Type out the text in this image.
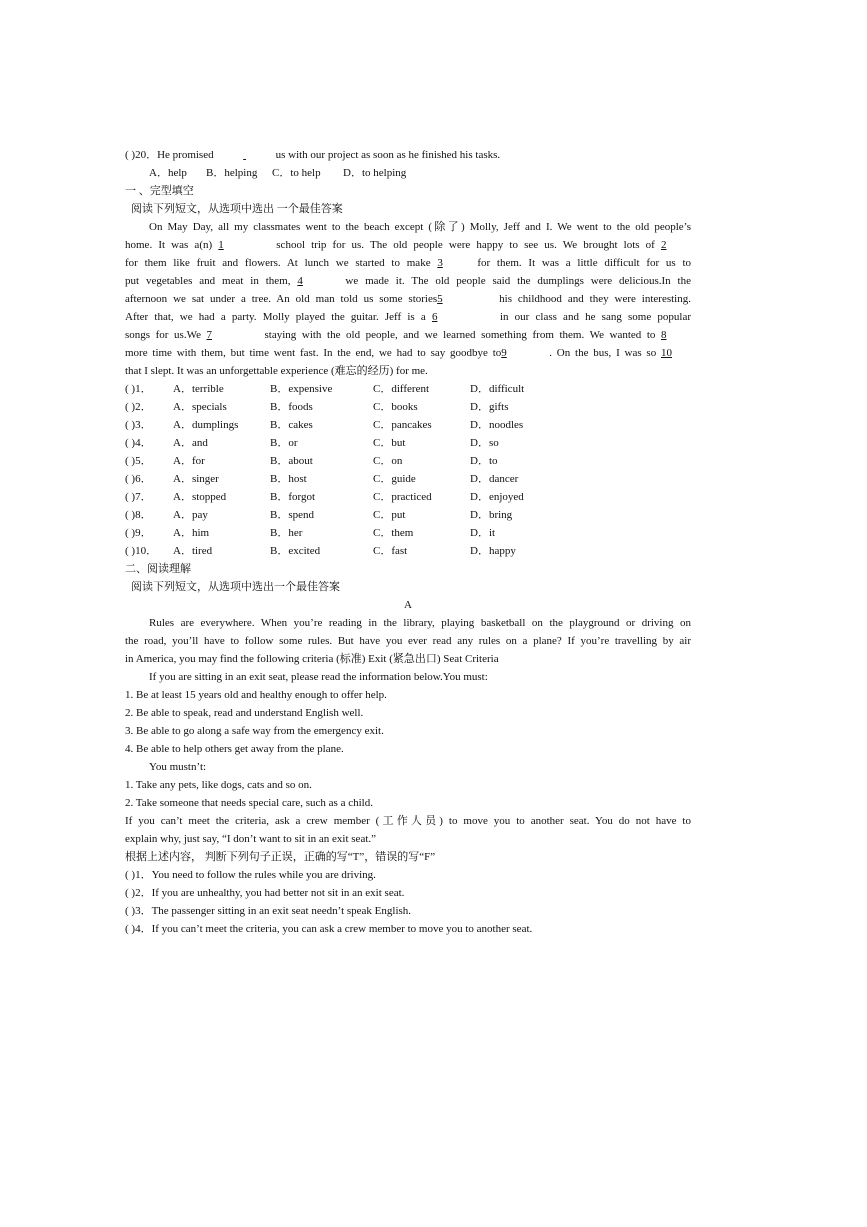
( )20．He promised	us with our project as soon as he finished his tasks.
A．help	B．helping	C．to help	D．to helping
一 、完型填空
阅读下列短文，从选项中选出 一个最佳答案
On May Day, all my classmates went to the beach except (除了) Molly, Jeff and I. We went to the old people’s
home. It was a(n) 1	school trip for us. The old people were happy to see us. We brought lots of 2
for them like fruit and flowers. At lunch we started to make 3	for them. It was a little difficult for us to
put vegetables and meat in them, 4	we made it. The old people said the dumplings were delicious.In the
afternoon we sat under a tree. An old man told us some stories5	his childhood and they were interesting.
After that, we had a party. Molly played the guitar. Jeff is a 6	in our class and he sang some popular
songs for us.We 7	staying with the old people, and we learned something from them. We wanted to 8
more time with them, but time went fast. In the end, we had to say goodbye to9	. On the bus, I was so 10
that I slept. It was an unforgettable experience (难忘的经历) for me.
( )1．	A．terrible	B．expensive	C．different	D．difficult
( )2．	A．specials	B．foods	C．books	D．gifts
( )3．	A．dumplings	B．cakes	C．pancakes	D．noodles
( )4．	A．and	B．or	C．but	D．so
( )5．	A．for	B．about	C．on	D．to
( )6．	A．singer	B．host	C．guide	D．dancer
( )7．	A．stopped	B．forgot	C．practiced	D．enjoyed
( )8．	A．pay	B．spend	C．put	D．bring
( )9．	A．him	B．her	C．them	D．it
( )10．	A．tired	B．excited	C．fast	D．happy
二、阅读理解
阅读下列短文，从选项中选出一个最佳答案
A
Rules are everywhere. When you’re reading in the library, playing basketball on the playground or driving on
the road, you’ll have to follow some rules. But have you ever read any rules on a plane? If you’re travelling by air
in America, you may find the following criteria (标准) Exit (紧急出口) Seat Criteria
If you are sitting in an exit seat, please read the information below.You must:
1. Be at least 15 years old and healthy enough to offer help.
2. Be able to speak, read and understand English well.
3. Be able to go along a safe way from the emergency exit.
4. Be able to help others get away from the plane.
You mustn’t:
1. Take any pets, like dogs, cats and so on.
2. Take someone that needs special care, such as a child.
If you can’t meet the criteria, ask a crew member (工作人员) to move you to another seat. You do not have to
explain why, just say, “I don’t want to sit in an exit seat.”
根据上述内容， 判断下列句子正误，正确的写“T”，错误的写“F”
( )1．You need to follow the rules while you are driving.
( )2．If you are unhealthy, you had better not sit in an exit seat.
( )3．The passenger sitting in an exit seat needn’t speak English.
( )4．If you can’t meet the criteria, you can ask a crew member to move you to another seat.
